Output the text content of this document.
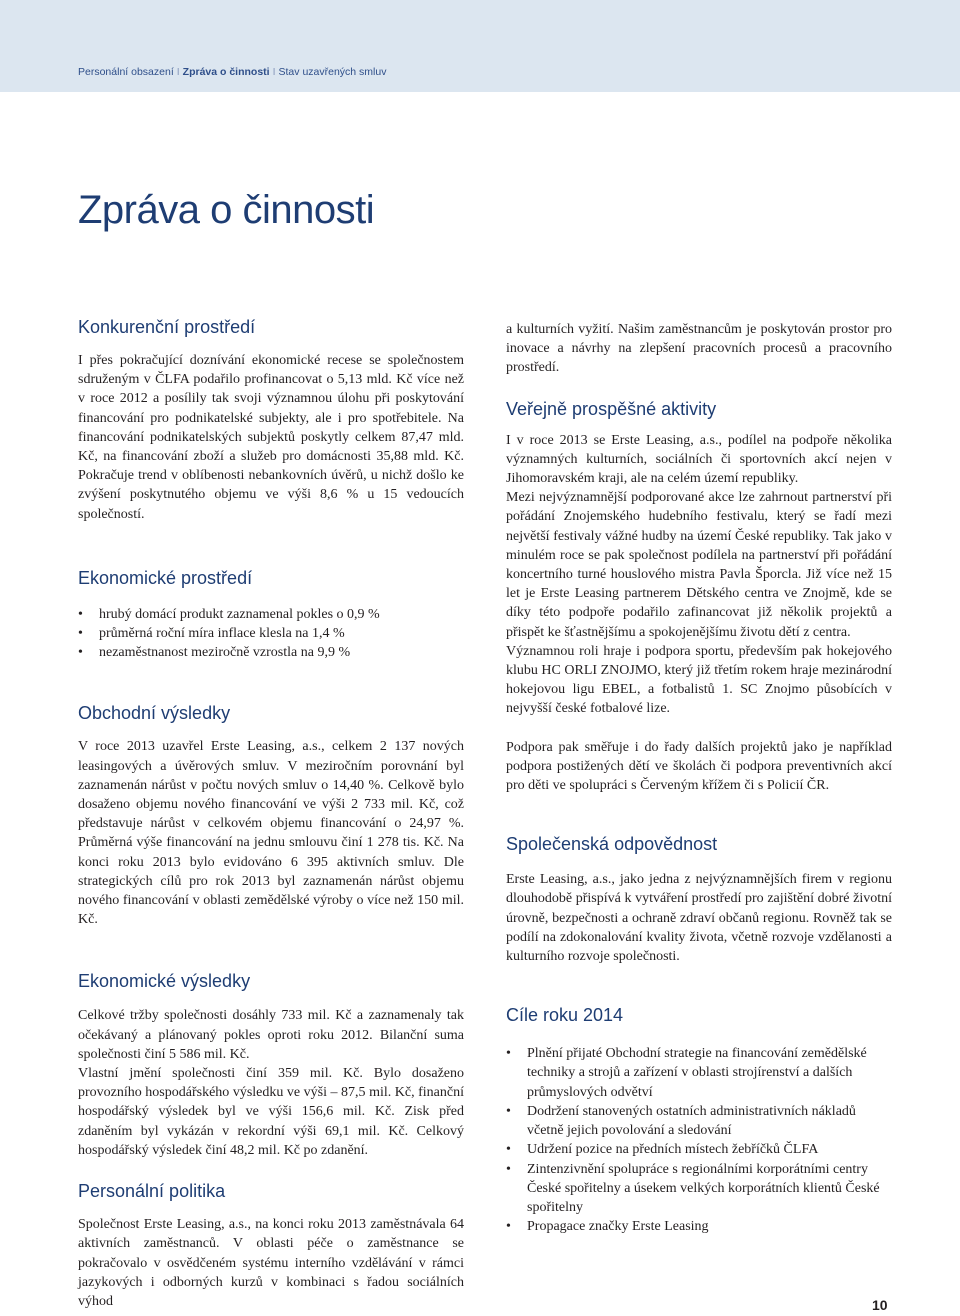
Personální obsazení I Zpráva o činnosti I Stav uzavřených smluv
Zpráva o činnosti
Konkurenční prostředí

I přes pokračující doznívání ekonomické recese se společnostem sdruženým v ČLFA podařilo profinancovat o 5,13 mld. Kč více než v roce 2012 a posílily tak svoji významnou úlohu při poskytování financování pro podnikatelské subjekty, ale i pro spotřebitele. Na financování podnikatelských subjektů poskytly celkem 87,47 mld. Kč, na financování zboží a služeb pro domácnosti 35,88 mld. Kč. Pokračuje trend v oblíbenosti nebankovních úvěrů, u nichž došlo ke zvýšení poskytnutého objemu ve výši 8,6 % u 15 vedoucích společností.

Ekonomické prostředí
• hrubý domácí produkt zaznamenal pokles o 0,9 %
• průměrná roční míra inflace klesla na 1,4 %
• nezaměstnanost meziročně vzrostla na 9,9 %
Obchodní výsledky

V roce 2013 uzavřel Erste Leasing, a.s., celkem 2 137 nových leasingových a úvěrových smluv. V meziročním porovnání byl zaznamenán nárůst v počtu nových smluv o 14,40 %. Celkově bylo dosaženo objemu nového financování ve výši 2 733 mil. Kč, což představuje nárůst v celkovém objemu financování o 24,97 %. Průměrná výše financování na jednu smlouvu činí 1 278 tis. Kč. Na konci roku 2013 bylo evidováno 6 395 aktivních smluv. Dle strategických cílů pro rok 2013 byl zaznamenán nárůst objemu nového financování v oblasti zemědělské výroby o více než 150 mil. Kč.

Ekonomické výsledky

Celkové tržby společnosti dosáhly 733 mil. Kč a zaznamenaly tak očekávaný a plánovaný pokles oproti roku 2012. Bilanční suma společnosti činí 5 586 mil. Kč.

Vlastní jmění společnosti činí 359 mil. Kč. Bylo dosaženo provozního hospodářského výsledku ve výši – 87,5 mil. Kč, finanční hospodářský výsledek byl ve výši 156,6 mil. Kč. Zisk před zdaněním byl vykázán v rekordní výši 69,1 mil. Kč. Celkový hospodářský výsledek činí 48,2 mil. Kč po zdanění.

Personální politika

Společnost Erste Leasing, a.s., na konci roku 2013 zaměstnávala 64 aktivních zaměstnanců. V oblasti péče o zaměstnance se pokračovalo v osvědčeném systému interního vzdělávání v rámci jazykových i odborných kurzů v kombinaci s řadou sociálních výhod

a kulturních vyžití. Našim zaměstnancům je poskytován prostor pro inovace a návrhy na zlepšení pracovních procesů a pracovního prostředí.

Veřejně prospěšné aktivity

I v roce 2013 se Erste Leasing, a.s., podílel na podpoře několika významných kulturních, sociálních či sportovních akcí nejen v Jihomoravském kraji, ale na celém území republiky.

Mezi nejvýznamnější podporované akce lze zahrnout partnerství při pořádání Znojemského hudebního festivalu, který se řadí mezi největší festivaly vážné hudby na území České republiky. Tak jako v minulém roce se pak společnost podílela na partnerství při pořádání koncertního turné houslového mistra Pavla Šporcla. Již více než 15 let je Erste Leasing partnerem Dětského centra ve Znojmě, kde se díky této podpoře podařilo zafinancovat již několik projektů a přispět ke šťastnějšímu a spokojenějšímu životu dětí z centra.

Významnou roli hraje i podpora sportu, především pak hokejového klubu HC ORLI ZNOJMO, který již třetím rokem hraje mezinárodní hokejovou ligu EBEL, a fotbalistů 1. SC Znojmo působících v nejvyšší české fotbalové lize.

Podpora pak směřuje i do řady dalších projektů jako je například podpora postižených dětí ve školách či podpora preventivních akcí pro děti ve spolupráci s Červeným křížem či s Policií ČR.

Společenská odpovědnost

Erste Leasing, a.s., jako jedna z nejvýznamnějších firem v regionu dlouhodobě přispívá k vytváření prostředí pro zajištění dobré životní úrovně, bezpečnosti a ochraně zdraví občanů regionu. Rovněž tak se podílí na zdokonalování kvality života, včetně rozvoje vzdělanosti a kulturního rozvoje společnosti.

Cíle roku 2014
• Plnění přijaté Obchodní strategie na financování zemědělské techniky a strojů a zařízení v oblasti strojírenství a dalších průmyslových odvětví
• Dodržení stanovených ostatních administrativních nákladů včetně jejich povolování a sledování
• Udržení pozice na předních místech žebříčků ČLFA
• Zintenzivnění spolupráce s regionálními korporátními centry České spořitelny a úsekem velkých korporátních klientů České spořitelny
• Propagace značky Erste Leasing
10
